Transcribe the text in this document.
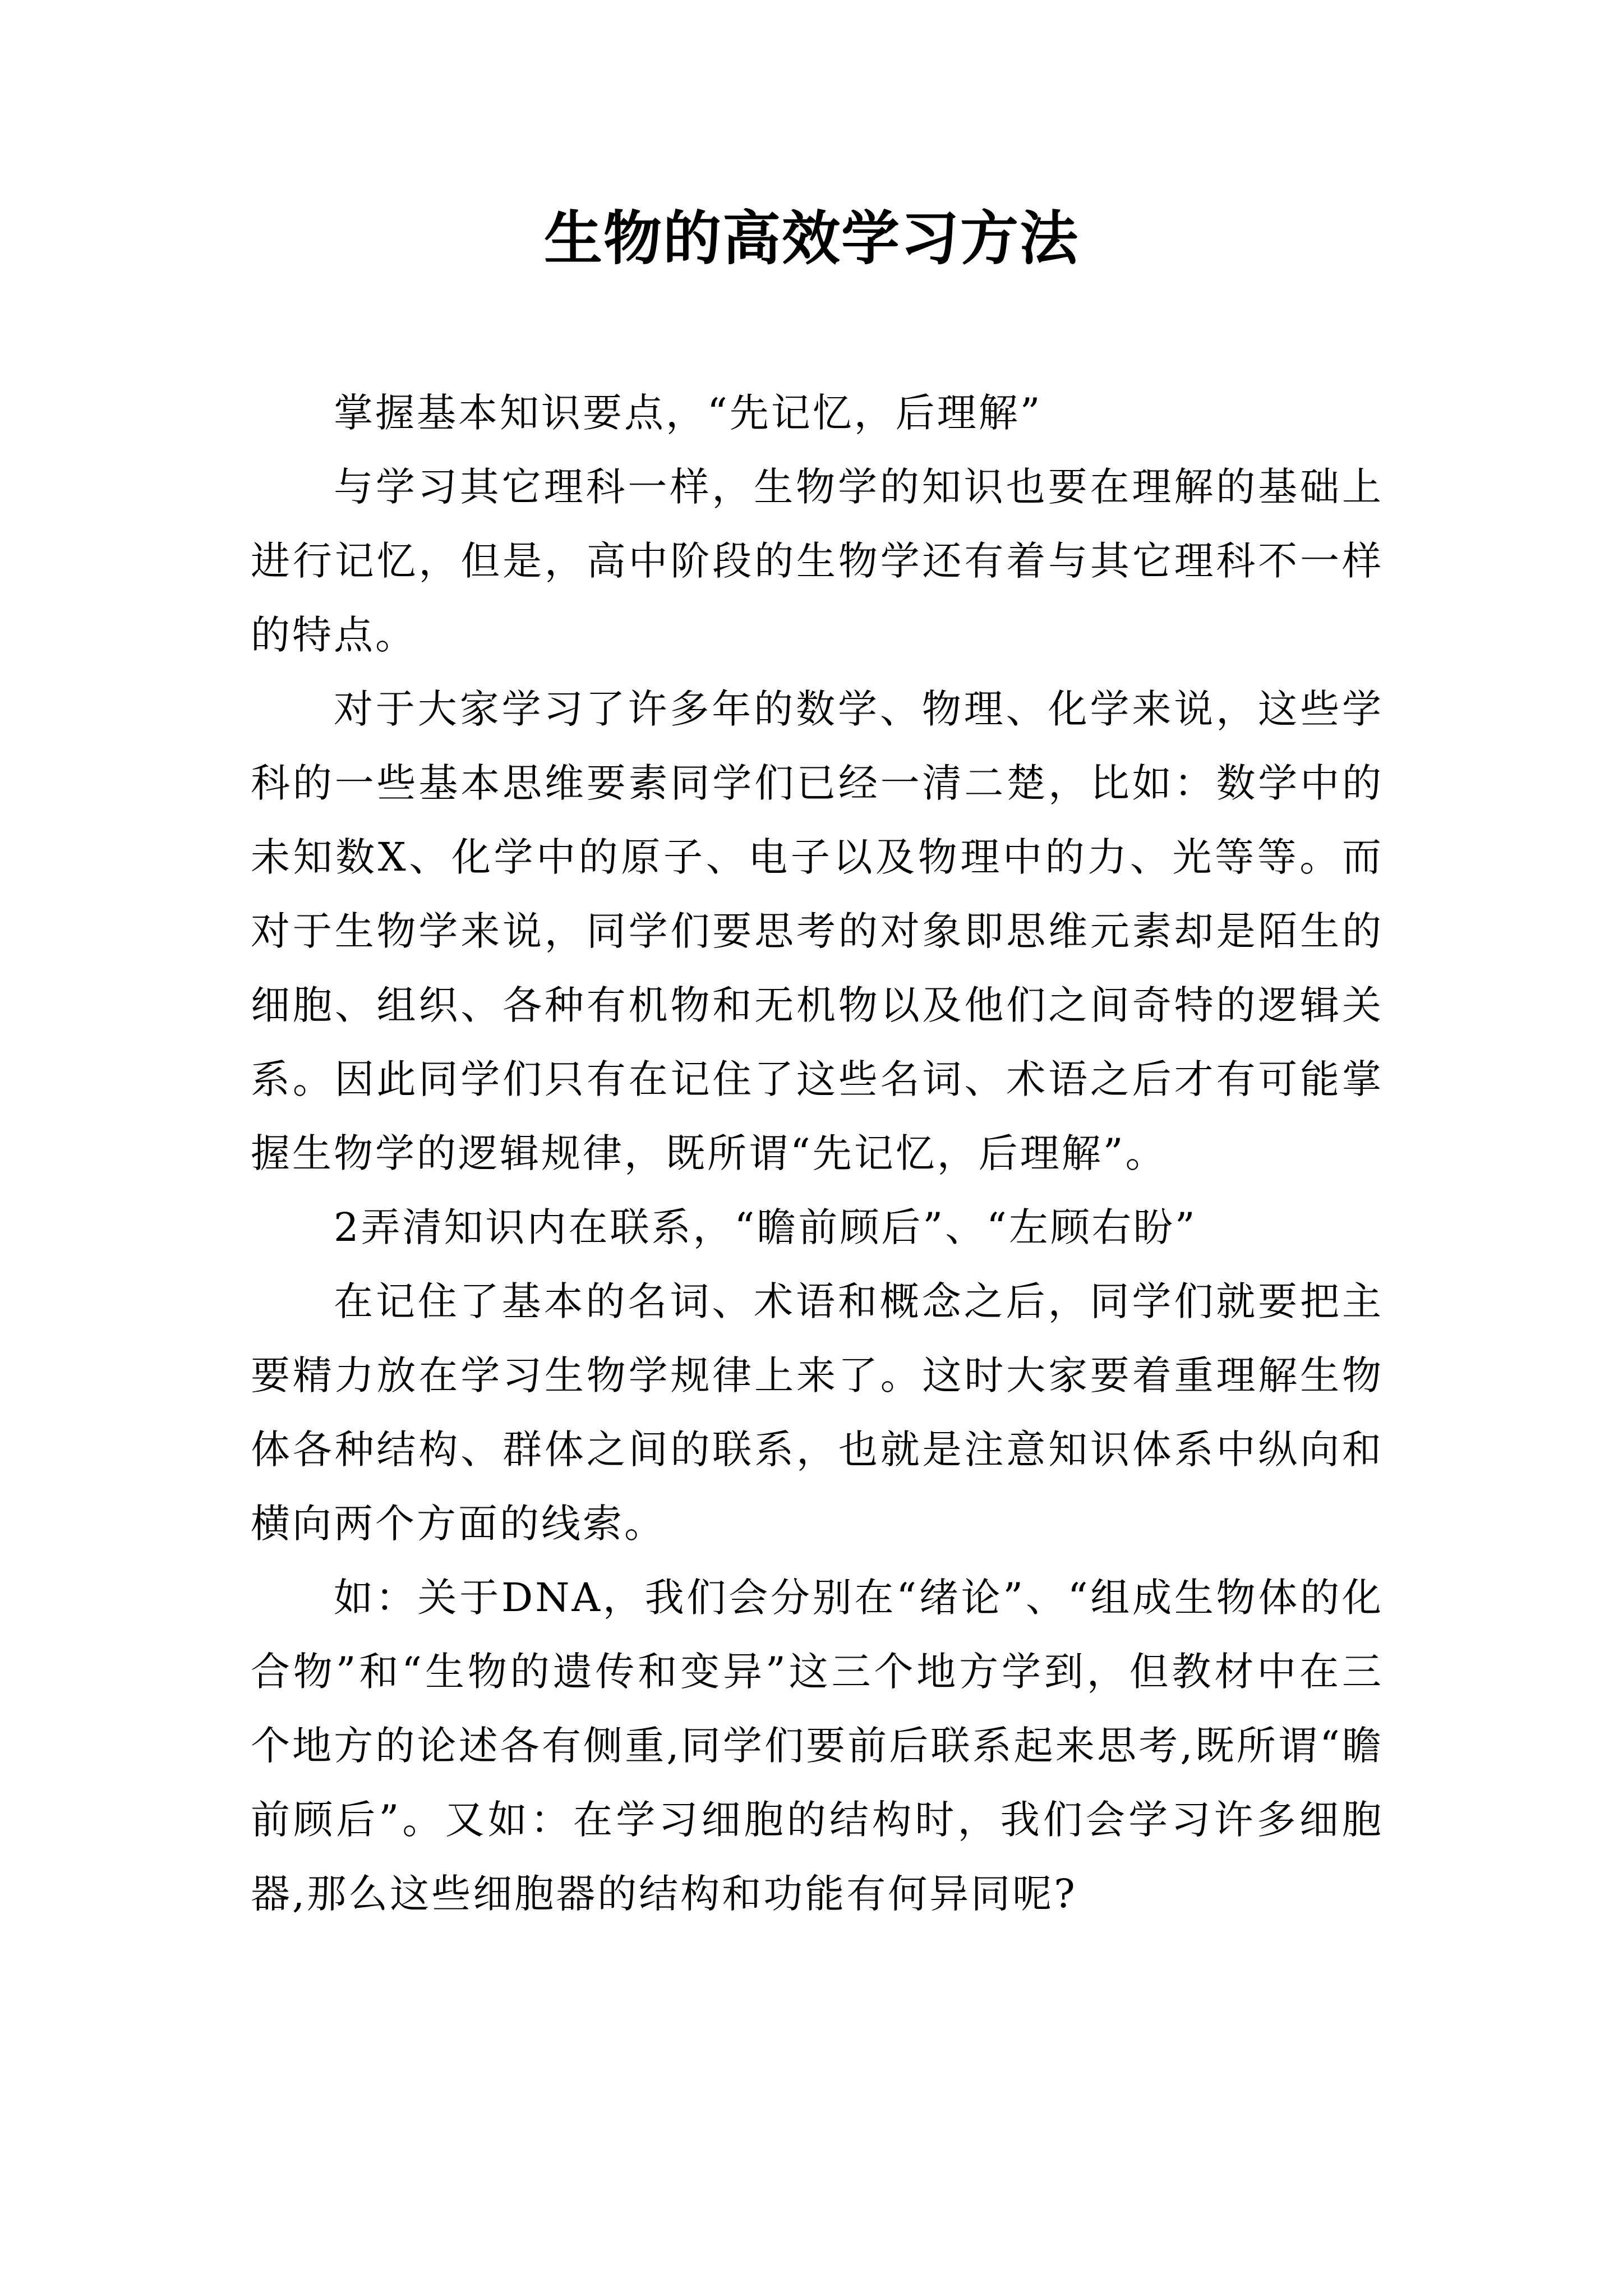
生物的高效学习方法

掌握基本知识要点，“先记忆，后理解”

与学习其它理科一样，生物学的知识也要在理解的基础上进行记忆，但是，高中阶段的生物学还有着与其它理科不一样的特点。

对于大家学习了许多年的数学、物理、化学来说，这些学科的一些基本思维要素同学们已经一清二楚，比如：数学中的未知数X、化学中的原子、电子以及物理中的力、光等等。而对于生物学来说，同学们要思考的对象即思维元素却是陌生的细胞、组织、各种有机物和无机物以及他们之间奇特的逻辑关系。因此同学们只有在记住了这些名词、术语之后才有可能掌握生物学的逻辑规律，既所谓“先记忆，后理解”。

2弄清知识内在联系，“瞻前顾后”、“左顾右盼”

在记住了基本的名词、术语和概念之后，同学们就要把主要精力放在学习生物学规律上来了。这时大家要着重理解生物体各种结构、群体之间的联系，也就是注意知识体系中纵向和横向两个方面的线索。

如：关于DNA，我们会分别在“绪论”、“组成生物体的化合物”和“生物的遗传和变异”这三个地方学到，但教材中在三个地方的论述各有侧重,同学们要前后联系起来思考,既所谓“瞻前顾后”。又如：在学习细胞的结构时，我们会学习许多细胞器,那么这些细胞器的结构和功能有何异同呢?
